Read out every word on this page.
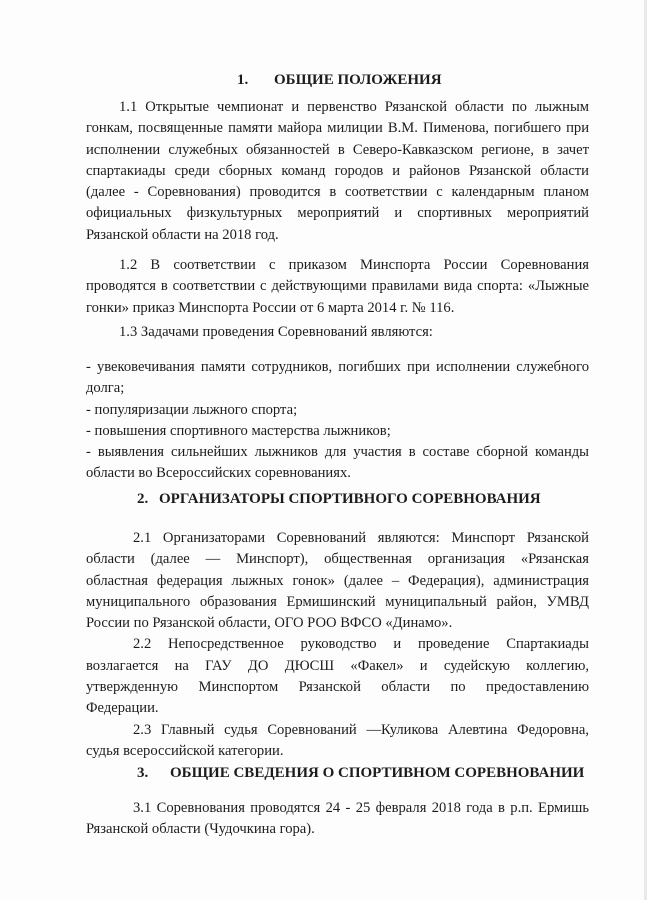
1. ОБЩИЕ ПОЛОЖЕНИЯ
1.1 Открытые чемпионат и первенство Рязанской области по лыжным
гонкам, посвященные памяти майора милиции В.М. Пименова, погибшего при
исполнении служебных обязанностей в Северо-Кавказском регионе, в зачет
спартакиады среди сборных команд городов и районов Рязанской области
(далее - Соревнования) проводится в соответствии с календарным планом
официальных физкультурных мероприятий и спортивных мероприятий
Рязанской области на 2018 год.
1.2 В соответствии с приказом Минспорта России Соревнования
проводятся в соответствии с действующими правилами вида спорта: «Лыжные
гонки» приказ Минспорта России от 6 марта 2014 г. № 116.
1.3 Задачами проведения Соревнований являются:
- увековечивания памяти сотрудников, погибших при исполнении служебного
долга;
- популяризации лыжного спорта;
- повышения спортивного мастерства лыжников;
- выявления сильнейших лыжников для участия в составе сборной команды
области во Всероссийских соревнованиях.
2. ОРГАНИЗАТОРЫ СПОРТИВНОГО СОРЕВНОВАНИЯ
2.1 Организаторами Соревнований являются: Минспорт Рязанской
области (далее — Минспорт), общественная организация «Рязанская
областная федерация лыжных гонок» (далее – Федерация), администрация
муниципального образования Ермишинский муниципальный район, УМВД
России по Рязанской области, ОГО РОО ВФСО «Динамо».
2.2 Непосредственное руководство и проведение Спартакиады
возлагается на ГАУ ДО ДЮСШ «Факел» и судейскую коллегию,
утвержденную Минспортом Рязанской области по предоставлению
Федерации.
2.3 Главный судья Соревнований —Куликова Алевтина Федоровна,
судья всероссийской категории.
3. ОБЩИЕ СВЕДЕНИЯ О СПОРТИВНОМ СОРЕВНОВАНИИ
3.1 Соревнования проводятся 24 - 25 февраля 2018 года в р.п. Ермишь
Рязанской области (Чудочкина гора).
